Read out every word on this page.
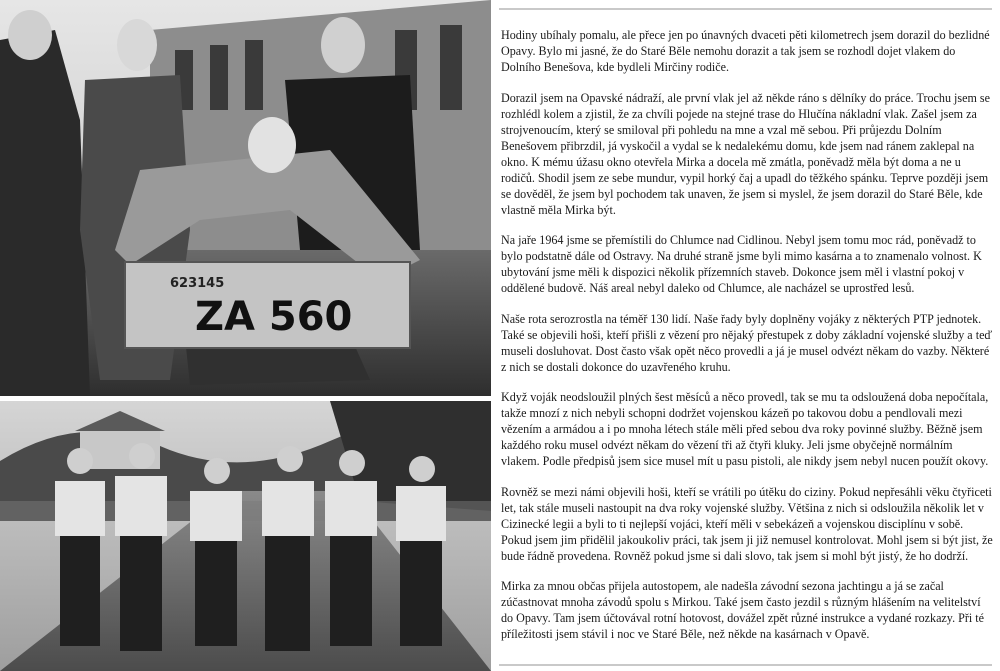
623145
ZA 560

Hodiny ubíhaly pomalu, ale přece jen po únavných dvaceti pěti kilometrech jsem dorazil do bezlidné Opavy. Bylo mi jasné, že do Staré Běle nemohu dorazit a tak jsem se rozhodl dojet vlakem do Dolního Benešova, kde bydleli Mirčiny rodiče.

Dorazil jsem na Opavské nádraží, ale první vlak jel až někde ráno s dělníky do práce. Trochu jsem se rozhlédl kolem a zjistil, že za chvíli pojede na stejné trase do Hlučína nákladní vlak. Zašel jsem za strojvenoucím, který se smiloval při pohledu na mne a vzal mě sebou. Při průjezdu Dolním Benešovem přibrzdil, já vyskočil a vydal se k nedalekému domu, kde jsem nad ránem zaklepal na okno. K mému úžasu okno otevřela Mirka a docela mě zmátla, poněvadž měla být doma a ne u rodičů. Shodil jsem ze sebe mundur, vypil horký čaj a upadl do těžkého spánku. Teprve později jsem se dověděl, že jsem byl pochodem tak unaven, že jsem si myslel, že jsem dorazil do Staré Běle, kde vlastně měla Mirka být.

Na jaře 1964 jsme se přemístili do Chlumce nad Cidlinou. Nebyl jsem tomu moc rád, poněvadž to bylo podstatně dále od Ostravy. Na druhé straně jsme byli mimo kasárna a to znamenalo volnost. K ubytování jsme měli k dispozici několik přízemních staveb. Dokonce jsem měl i vlastní pokoj v oddělené budově. Náš areal nebyl daleko od Chlumce, ale nacházel se uprostřed lesů.

Naše rota serozrostla na téměř 130 lidí. Naše řady byly doplněny vojáky z některých PTP jednotek. Také se objevili hoši, kteří přišli z vězení pro nějaký přestupek z doby základní vojenské služby a teď museli dosluhovat. Dost často však opět něco provedli a já je musel odvézt někam do vazby. Některé z nich se dostali dokonce do uzavřeného kruhu.

Když voják neodsloužil plných šest měsíců a něco provedl, tak se mu ta odsloužená doba nepočítala, takže mnozí z nich nebyli schopni dodržet vojenskou kázeň po takovou dobu a pendlovali mezi vězením a armádou a i po mnoha létech stále měli před sebou dva roky povinné služby. Běžně jsem každého roku musel odvézt někam do vězení tři až čtyři kluky. Jeli jsme obyčejně normálním vlakem. Podle předpisů jsem sice musel mít u pasu pistoli, ale nikdy jsem nebyl nucen použít okovy.

Rovněž se mezi námi objevili hoši, kteří se vrátili po útěku do ciziny. Pokud nepřesáhli věku čtyřiceti let, tak stále museli nastoupit na dva roky vojenské služby. Většina z nich si odsloužila několik let v Cizinecké legii a byli to ti nejlepší vojáci, kteří měli v sebekázeň a vojenskou disciplínu v sobě. Pokud jsem jim přidělil jakoukoliv práci, tak jsem ji již nemusel kontrolovat. Mohl jsem si být jist, že bude řádně provedena. Rovněž pokud jsme si dali slovo, tak jsem si mohl být jistý, že ho dodrží.

Mirka za mnou občas přijela autostopem, ale nadešla závodní sezona jachtingu a já se začal zúčastnovat mnoha závodů spolu s Mirkou. Také jsem často jezdil s různým hlášením na velitelství do Opavy. Tam jsem účtovával rotní hotovost, dovážel zpět různé instrukce a vydané rozkazy. Při té příležitosti jsem stávil i noc ve Staré Běle, než někde na kasárnach v Opavě.
